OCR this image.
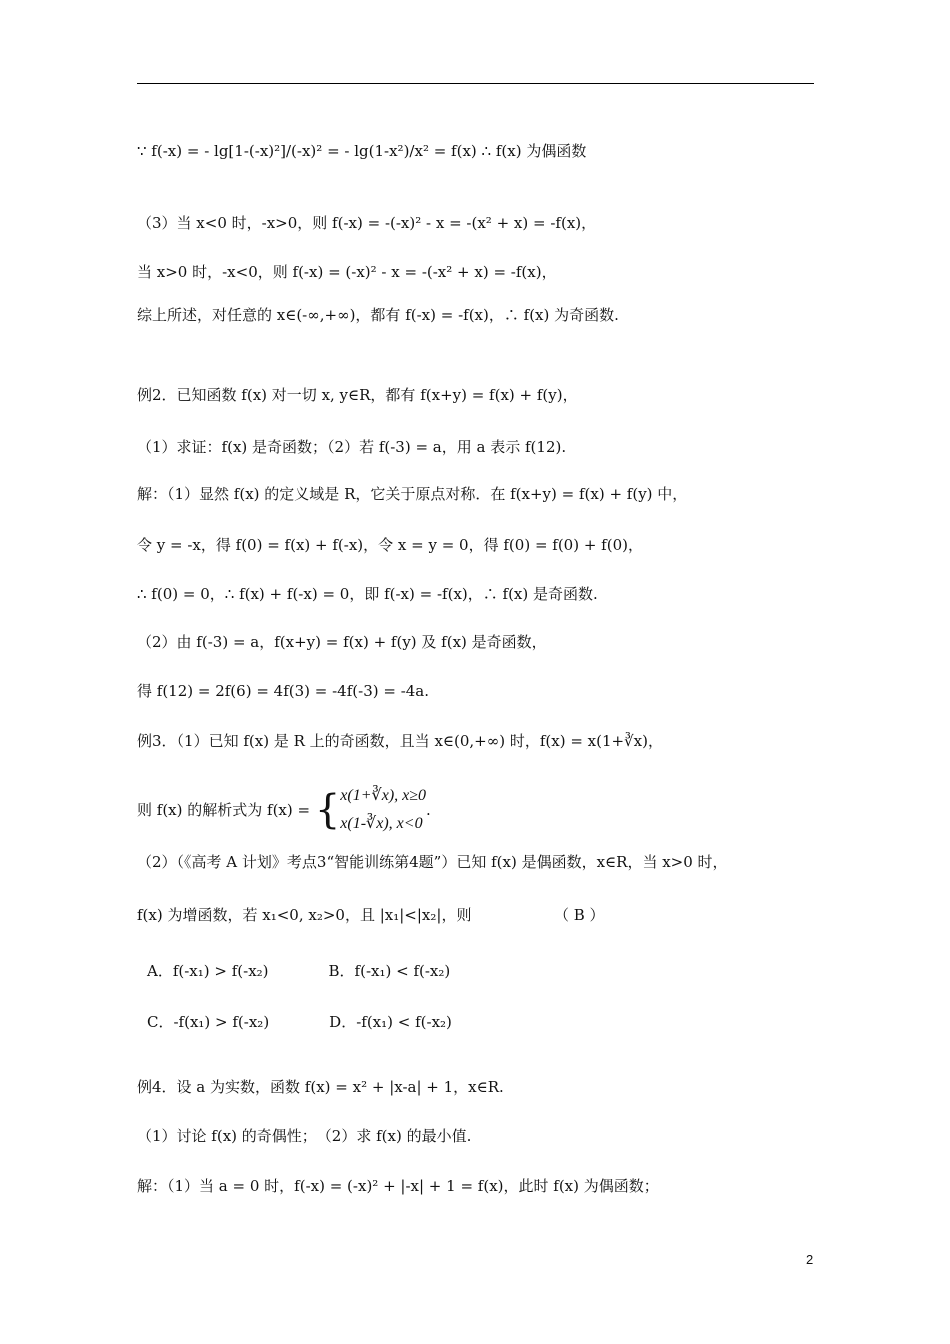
∵ f(-x) = - lg[1-(-x)²]/(-x)² = - lg(1-x²)/x² = f(x) ∴ f(x) 为偶函数
（3）当 x<0 时，-x>0，则 f(-x) = -(-x)² - x = -(x² + x) = -f(x)，
当 x>0 时，-x<0，则 f(-x) = (-x)² - x = -(-x² + x) = -f(x)，
综上所述，对任意的 x∈(-∞,+∞)，都有 f(-x) = -f(x)，∴ f(x) 为奇函数.
例2．已知函数 f(x) 对一切 x, y∈R，都有 f(x+y) = f(x) + f(y)，
（1）求证：f(x) 是奇函数；（2）若 f(-3) = a，用 a 表示 f(12).
解：（1）显然 f(x) 的定义域是 R，它关于原点对称．在 f(x+y) = f(x) + f(y) 中，
令 y = -x，得 f(0) = f(x) + f(-x)，令 x = y = 0，得 f(0) = f(0) + f(0)，
∴ f(0) = 0，∴ f(x) + f(-x) = 0，即 f(-x) = -f(x)，∴ f(x) 是奇函数.
（2）由 f(-3) = a，f(x+y) = f(x) + f(y) 及 f(x) 是奇函数，
得 f(12) = 2f(6) = 4f(3) = -4f(-3) = -4a.
例3．（1）已知 f(x) 是 R 上的奇函数，且当 x∈(0,+∞) 时，f(x) = x(1+∛x)，
则 f(x) 的解析式为 f(x) = { x(1+∛x), x≥0
x(1-∛x), x<0
.
（2）（《高考 A 计划》考点3“智能训练第4题”）已知 f(x) 是偶函数，x∈R，当 x>0 时，
f(x) 为增函数，若 x₁<0, x₂>0，且 |x₁|<|x₂|，则　　　　　　（ B ）
A．f(-x₁) > f(-x₂)　　　　B．f(-x₁) < f(-x₂)
C．-f(x₁) > f(-x₂)　　　　D．-f(x₁) < f(-x₂)
例4．设 a 为实数，函数 f(x) = x² + |x-a| + 1，x∈R.
（1）讨论 f(x) 的奇偶性；　（2）求 f(x) 的最小值.
解：（1）当 a = 0 时，f(-x) = (-x)² + |-x| + 1 = f(x)，此时 f(x) 为偶函数；
2
